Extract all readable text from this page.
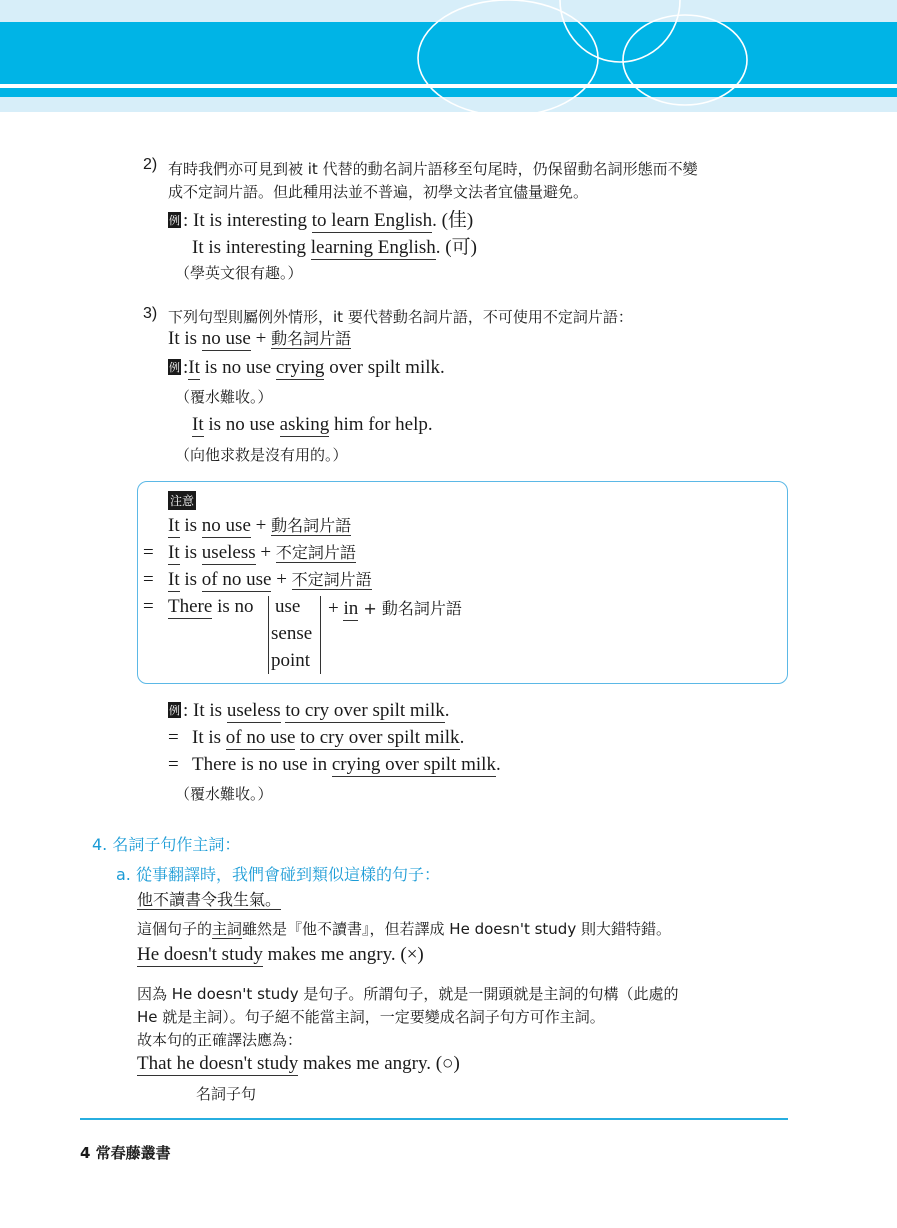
2) 有時我們亦可見到被 it 代替的動名詞片語移至句尾時，仍保留動名詞形態而不變
成不定詞片語。但此種用法並不普遍，初學文法者宜儘量避免。
例 : It is interesting to learn English. (佳)
It is interesting learning English. (可)
（學英文很有趣。）
3) 下列句型則屬例外情形，it 要代替動名詞片語，不可使用不定詞片語：
It is no use + 動名詞片語
例 :It is no use crying over spilt milk.
（覆水難收。）
It is no use asking him for help.
（向他求救是沒有用的。）
注意
It is no use + 動名詞片語
= It is useless + 不定詞片語
= It is of no use + 不定詞片語
= There is no use
sense
point
+ in + 動名詞片語
例 : It is useless to cry over spilt milk.
= It is of no use to cry over spilt milk.
= There is no use in crying over spilt milk.
（覆水難收。）
4. 名詞子句作主詞：
a. 從事翻譯時，我們會碰到類似這樣的句子：
他不讀書令我生氣。
這個句子的主詞雖然是『他不讀書』，但若譯成 He doesn't study 則大錯特錯。
He doesn't study makes me angry. (×)
因為 He doesn't study 是句子。所謂句子，就是一開頭就是主詞的句構（此處的
He 就是主詞）。句子絕不能當主詞，一定要變成名詞子句方可作主詞。
故本句的正確譯法應為：
That he doesn't study makes me angry. (○)
名詞子句
4 常春藤叢書
